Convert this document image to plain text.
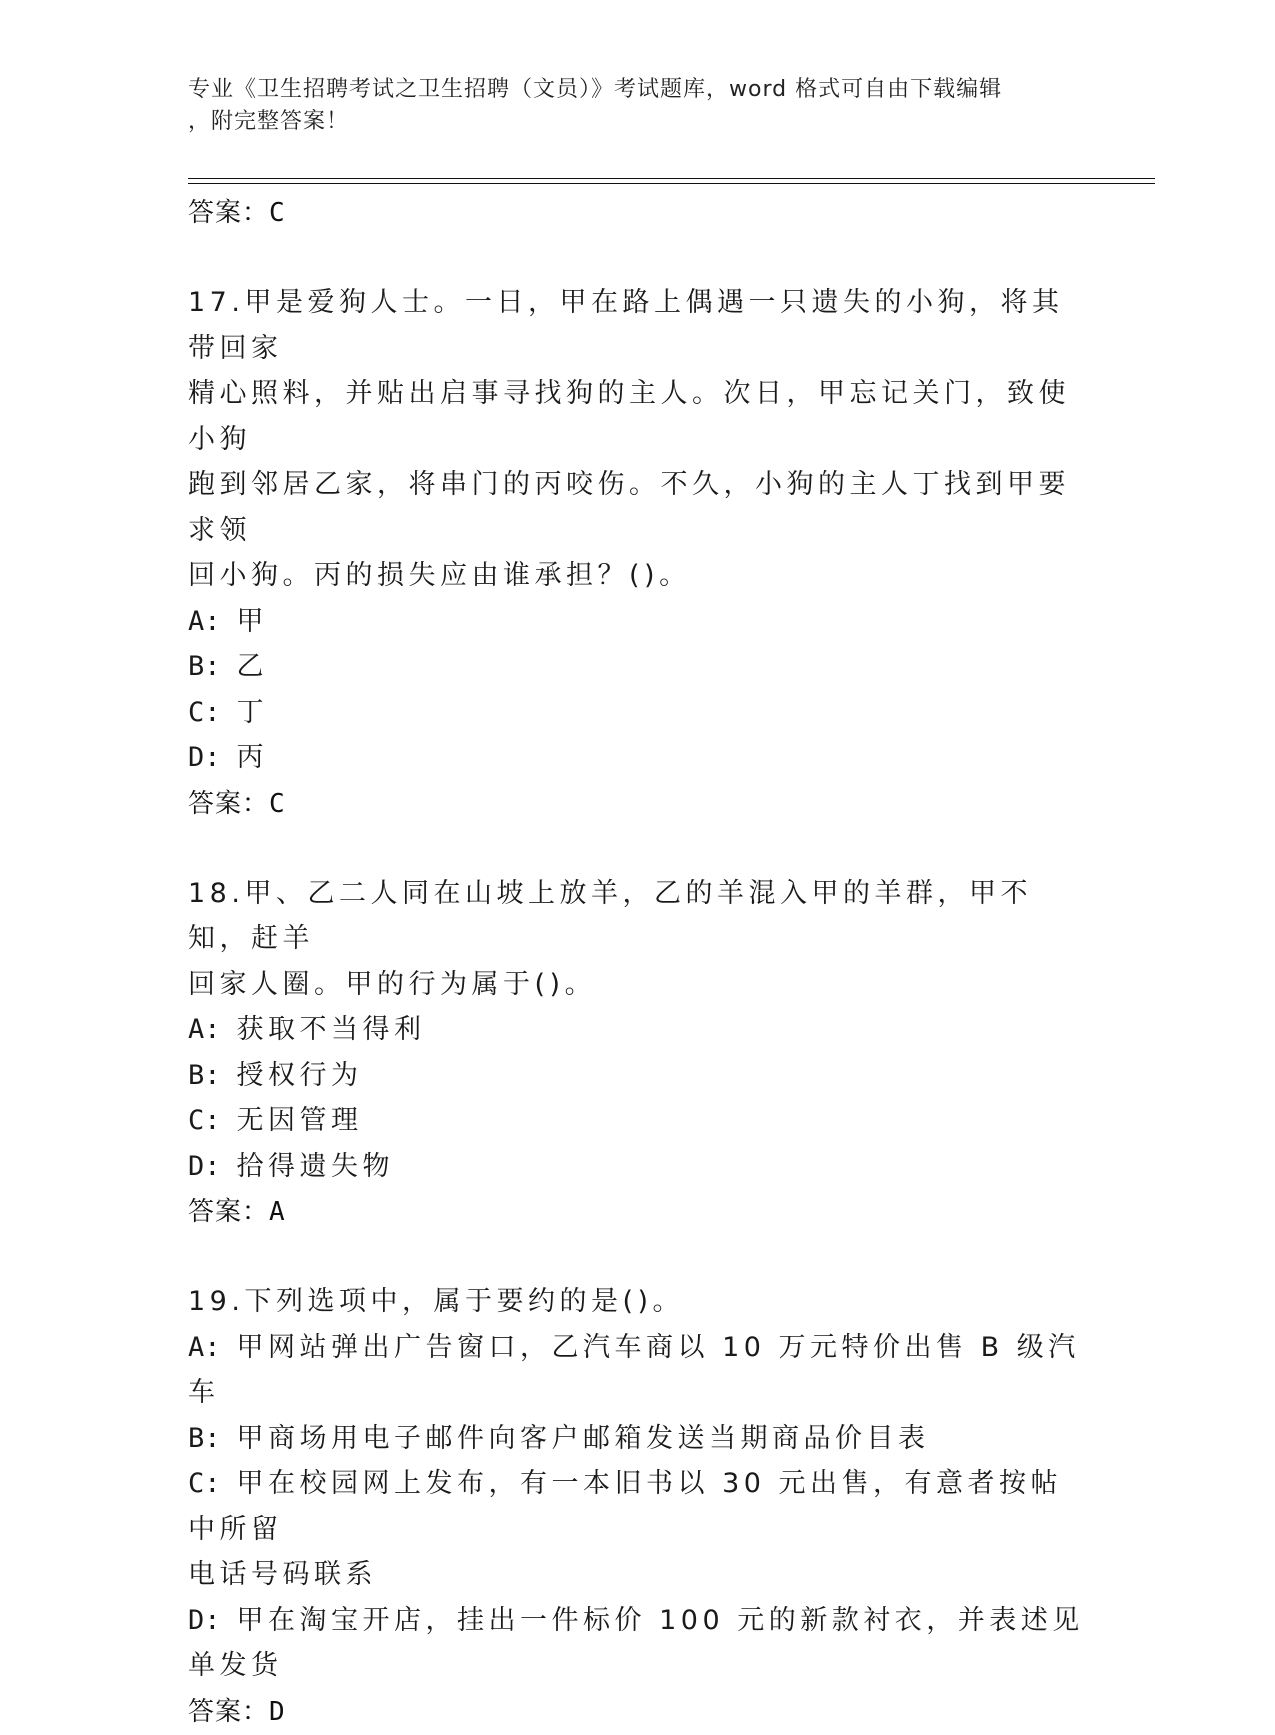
专业《卫生招聘考试之卫生招聘（文员）》考试题库，word 格式可自由下载编辑
，附完整答案！
答案：C
17.甲是爱狗人士。一日，甲在路上偶遇一只遗失的小狗，将其带回家
精心照料，并贴出启事寻找狗的主人。次日，甲忘记关门，致使小狗
跑到邻居乙家，将串门的丙咬伤。不久，小狗的主人丁找到甲要求领
回小狗。丙的损失应由谁承担？()。
A: 甲
B: 乙
C: 丁
D: 丙
答案：C
18.甲、乙二人同在山坡上放羊，乙的羊混入甲的羊群，甲不知，赶羊
回家人圈。甲的行为属于()。
A: 获取不当得利
B: 授权行为
C: 无因管理
D: 拾得遗失物
答案：A
19.下列选项中，属于要约的是()。
A: 甲网站弹出广告窗口，乙汽车商以 10 万元特价出售 B 级汽车
B: 甲商场用电子邮件向客户邮箱发送当期商品价目表
C: 甲在校园网上发布，有一本旧书以 30 元出售，有意者按帖中所留
电话号码联系
D: 甲在淘宝开店，挂出一件标价 100 元的新款衬衣，并表述见单发货
答案：D
